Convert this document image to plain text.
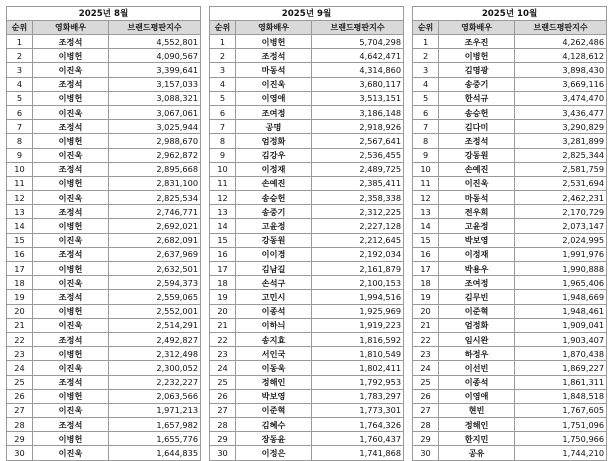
2025년 8월		
순위	영화배우	브랜드평판지수
1	조정석	4,552,801
2	이병헌	4,090,567
3	이진욱	3,399,641
4	조정석	3,157,033
5	이병헌	3,088,321
6	이진욱	3,067,061
7	조정석	3,025,944
8	이병헌	2,988,670
9	이진욱	2,962,872
10	조정석	2,895,668
11	이병헌	2,831,100
12	이진욱	2,825,534
13	조정석	2,746,771
14	이병헌	2,692,021
15	이진욱	2,682,091
16	조정석	2,637,969
17	이병헌	2,632,501
18	이진욱	2,594,373
19	조정석	2,559,065
20	이병헌	2,552,001
21	이진욱	2,514,291
22	조정석	2,492,827
23	이병헌	2,312,498
24	이진욱	2,300,052
25	조정석	2,232,227
26	이병헌	2,063,566
27	이진욱	1,971,213
28	조정석	1,657,982
29	이병헌	1,655,776
30	이진욱	1,644,835
2025년 9월		
순위	영화배우	브랜드평판지수
1	이병헌	5,704,298
2	조정석	4,642,471
3	마동석	4,314,860
4	이진욱	3,680,117
5	이영애	3,513,151
6	조여정	3,186,148
7	공명	2,918,926
8	엄정화	2,567,641
9	김강우	2,536,455
10	이정재	2,489,725
11	손예진	2,385,411
12	송승헌	2,358,338
13	송중기	2,312,225
14	고윤정	2,227,128
15	강동원	2,212,645
16	이이경	2,192,034
17	김남길	2,161,879
18	손석구	2,100,153
19	고민시	1,994,516
20	이종석	1,925,969
21	이하늬	1,919,223
22	송지효	1,816,592
23	서인국	1,810,549
24	이동욱	1,802,411
25	정해인	1,792,953
26	박보영	1,783,297
27	이준혁	1,773,301
28	김혜수	1,764,326
29	장동윤	1,760,437
30	이정은	1,741,868
2025년 10월		
순위	영화배우	브랜드평판지수
1	조우진	4,262,486
2	이병헌	4,128,612
3	김명광	3,898,430
4	송중기	3,669,116
5	한석규	3,474,470
6	송승헌	3,436,477
7	김다미	3,290,829
8	조정석	3,281,899
9	강동원	2,825,344
10	손예진	2,581,759
11	이진욱	2,531,694
12	마동석	2,462,231
13	전우희	2,170,729
14	고윤정	2,073,147
15	박보영	2,024,995
16	이정재	1,991,976
17	박용우	1,990,888
18	조여정	1,965,406
19	김무빈	1,948,669
20	이준혁	1,948,461
21	엄정화	1,909,041
22	임시완	1,903,407
23	하정우	1,870,438
24	이선빈	1,869,227
25	이종석	1,861,311
26	이영애	1,848,518
27	현빈	1,767,605
28	정해인	1,751,096
29	한지민	1,750,966
30	공유	1,744,210
